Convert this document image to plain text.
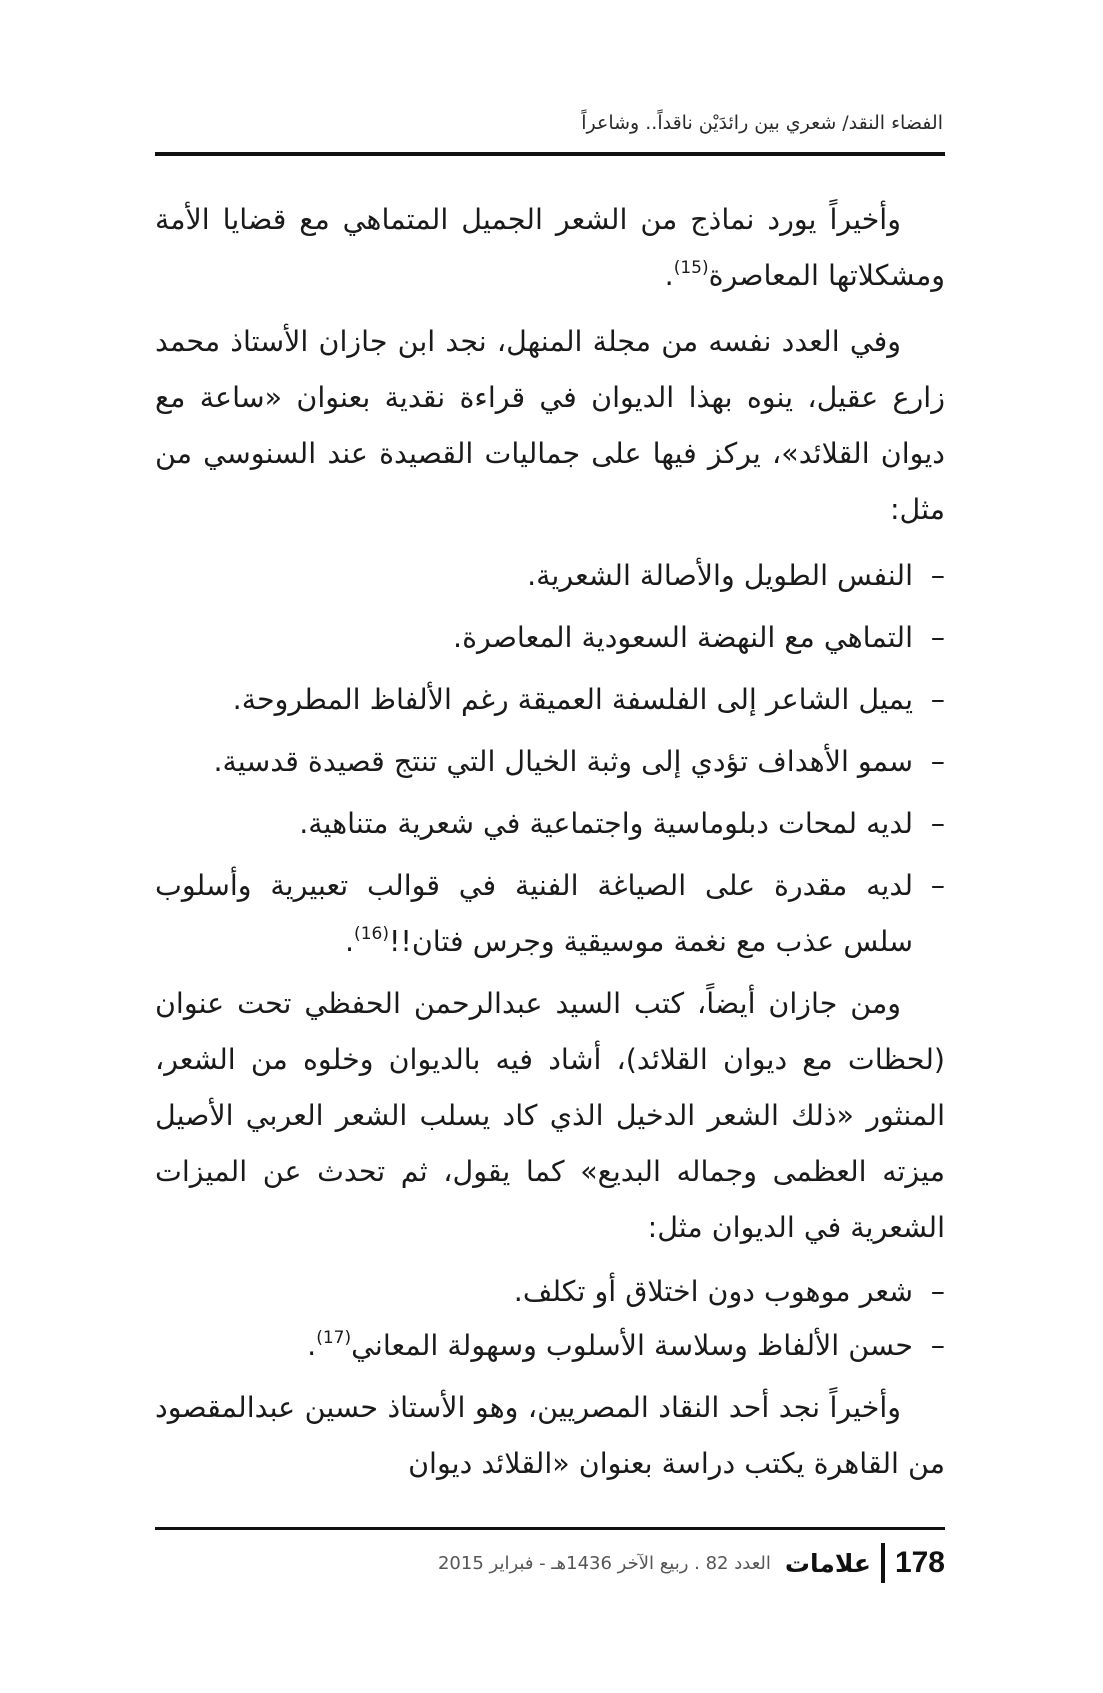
الفضاء النقد/ شعري بين رائدَيْن ناقداً.. وشاعراً

وأخيراً يورد نماذج من الشعر الجميل المتماهي مع قضايا الأمة ومشكلاتها المعاصرة$^{(15)}$.

وفي العدد نفسه من مجلة المنهل، نجد ابن جازان الأستاذ محمد زارع عقيل، ينوه بهذا الديوان في قراءة نقدية بعنوان «ساعة مع ديوان القلائد»، يركز فيها على جماليات القصيدة عند السنوسي من مثل:

–
النفس الطويل والأصالة الشعرية.
–
التماهي مع النهضة السعودية المعاصرة.
–
يميل الشاعر إلى الفلسفة العميقة رغم الألفاظ المطروحة.
–
سمو الأهداف تؤدي إلى وثبة الخيال التي تنتج قصيدة قدسية.
–
لديه لمحات دبلوماسية واجتماعية في شعرية متناهية.
–
لديه مقدرة على الصياغة الفنية في قوالب تعبيرية وأسلوب سلس عذب مع نغمة موسيقية وجرس فتان!!$^{(16)}$.

ومن جازان أيضاً، كتب السيد عبدالرحمن الحفظي تحت عنوان (لحظات مع ديوان القلائد)، أشاد فيه بالديوان وخلوه من الشعر، المنثور «ذلك الشعر الدخيل الذي كاد يسلب الشعر العربي الأصيل ميزته العظمى وجماله البديع» كما يقول، ثم تحدث عن الميزات الشعرية في الديوان مثل:

–
شعر موهوب دون اختلاق أو تكلف.
–
حسن الألفاظ وسلاسة الأسلوب وسهولة المعاني$^{(17)}$.

وأخيراً نجد أحد النقاد المصريين، وهو الأستاذ حسين عبدالمقصود من القاهرة يكتب دراسة بعنوان «القلائد ديوان

178
علامات
العدد 82 . ربيع الآخر 1436هـ - فبراير 2015
